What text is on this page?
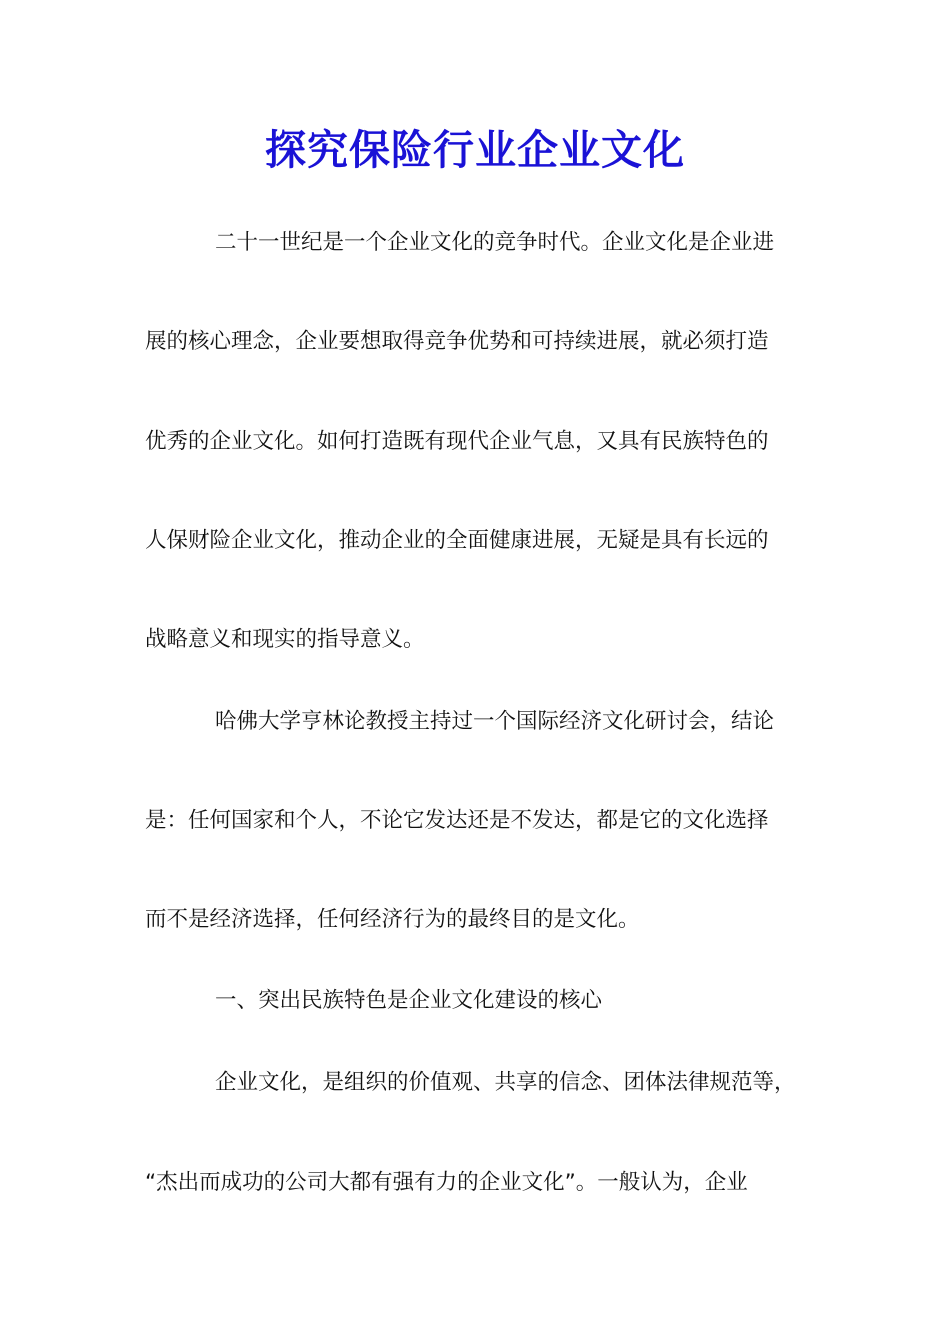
探究保险行业企业文化

二十一世纪是一个企业文化的竞争时代。企业文化是企业进

展的核心理念，企业要想取得竞争优势和可持续进展，就必须打造

优秀的企业文化。如何打造既有现代企业气息，又具有民族特色的

人保财险企业文化，推动企业的全面健康进展，无疑是具有长远的

战略意义和现实的指导意义。

哈佛大学亨林论教授主持过一个国际经济文化研讨会，结论

是：任何国家和个人，不论它发达还是不发达，都是它的文化选择

而不是经济选择，任何经济行为的最终目的是文化。

一、突出民族特色是企业文化建设的核心

企业文化，是组织的价值观、共享的信念、团体法律规范等，

“杰出而成功的公司大都有强有力的企业文化”。一般认为，企业
